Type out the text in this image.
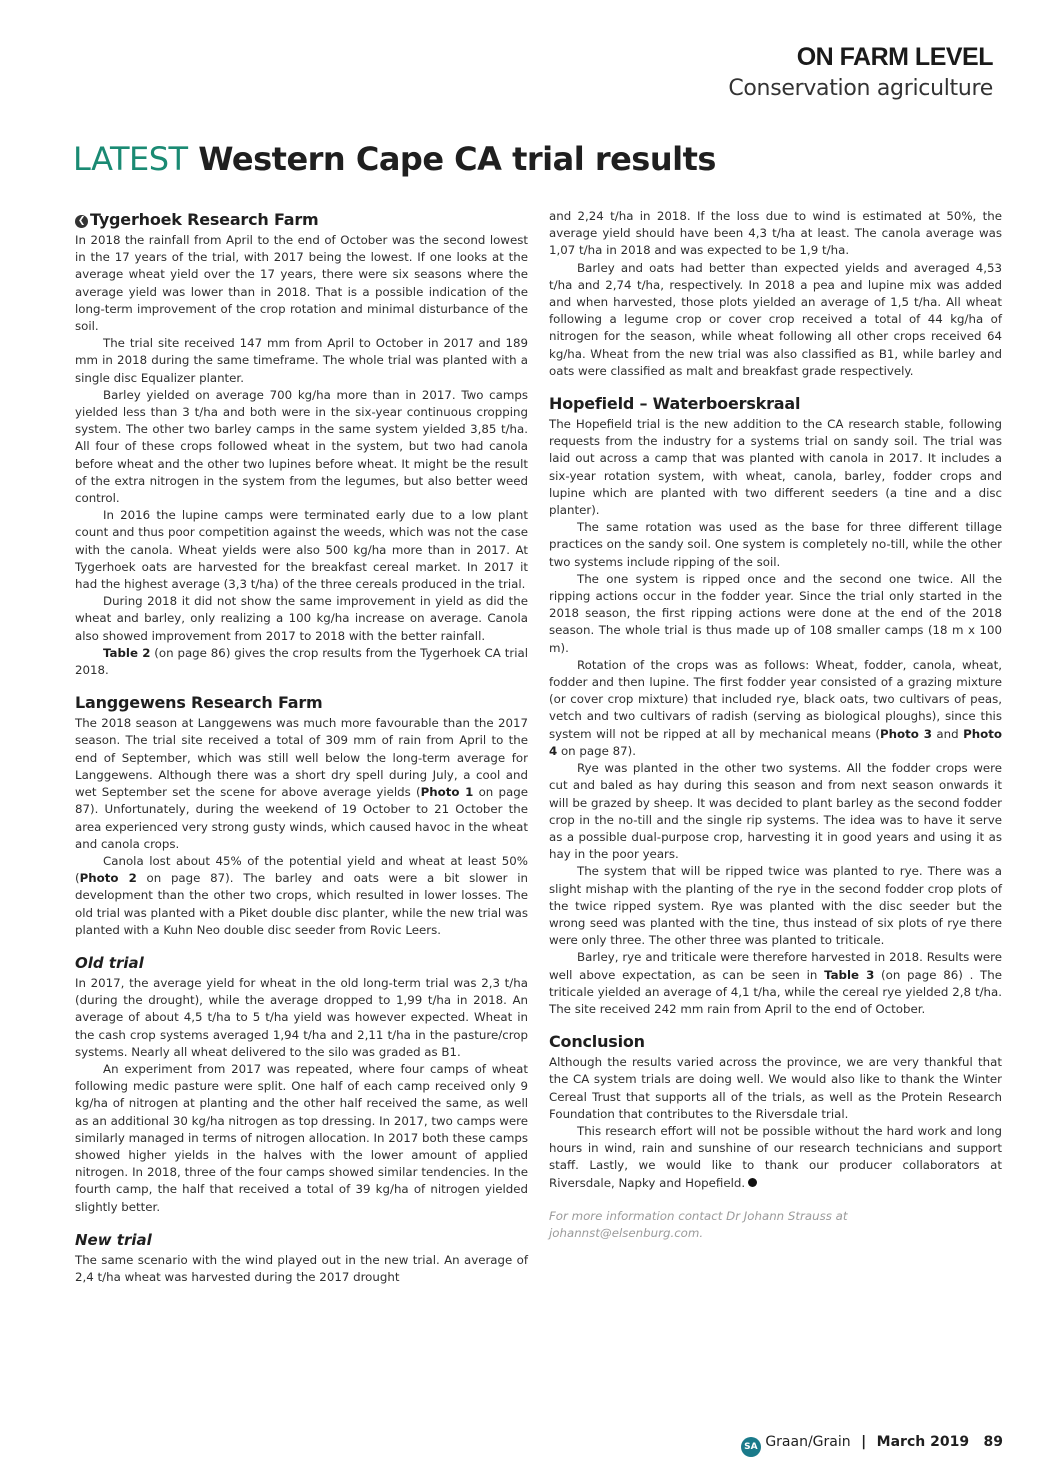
ON FARM LEVEL
Conservation agriculture
LATEST Western Cape CA trial results
❮ Tygerhoek Research Farm

In 2018 the rainfall from April to the end of October was the second lowest in the 17 years of the trial, with 2017 being the lowest. If one looks at the average wheat yield over the 17 years, there were six seasons where the average yield was lower than in 2018. That is a possible indication of the long-term improvement of the crop rotation and minimal disturbance of the soil.

The trial site received 147 mm from April to October in 2017 and 189 mm in 2018 during the same timeframe. The whole trial was planted with a single disc Equalizer planter.

Barley yielded on average 700 kg/ha more than in 2017. Two camps yielded less than 3 t/ha and both were in the six-year continuous cropping system. The other two barley camps in the same system yielded 3,85 t/ha. All four of these crops followed wheat in the system, but two had canola before wheat and the other two lupines before wheat. It might be the result of the extra nitrogen in the system from the legumes, but also better weed control.

In 2016 the lupine camps were terminated early due to a low plant count and thus poor competition against the weeds, which was not the case with the canola. Wheat yields were also 500 kg/ha more than in 2017. At Tygerhoek oats are harvested for the breakfast cereal market. In 2017 it had the highest average (3,3 t/ha) of the three cereals produced in the trial.

During 2018 it did not show the same improvement in yield as did the wheat and barley, only realizing a 100 kg/ha increase on average. Canola also showed improvement from 2017 to 2018 with the better rainfall.

Table 2 (on page 86) gives the crop results from the Tygerhoek CA trial 2018.

Langgewens Research Farm

The 2018 season at Langgewens was much more favourable than the 2017 season. The trial site received a total of 309 mm of rain from April to the end of September, which was still well below the long-term average for Langgewens. Although there was a short dry spell during July, a cool and wet September set the scene for above average yields (Photo 1 on page 87). Unfortunately, during the weekend of 19 October to 21 October the area experienced very strong gusty winds, which caused havoc in the wheat and canola crops.

Canola lost about 45% of the potential yield and wheat at least 50% (Photo 2 on page 87). The barley and oats were a bit slower in development than the other two crops, which resulted in lower losses. The old trial was planted with a Piket double disc planter, while the new trial was planted with a Kuhn Neo double disc seeder from Rovic Leers.

Old trial

In 2017, the average yield for wheat in the old long-term trial was 2,3 t/ha (during the drought), while the average dropped to 1,99 t/ha in 2018. An average of about 4,5 t/ha to 5 t/ha yield was however expected. Wheat in the cash crop systems averaged 1,94 t/ha and 2,11 t/ha in the pasture/crop systems. Nearly all wheat delivered to the silo was graded as B1.

An experiment from 2017 was repeated, where four camps of wheat following medic pasture were split. One half of each camp received only 9 kg/ha of nitrogen at planting and the other half received the same, as well as an additional 30 kg/ha nitrogen as top dressing. In 2017, two camps were similarly managed in terms of nitrogen allocation. In 2017 both these camps showed higher yields in the halves with the lower amount of applied nitrogen. In 2018, three of the four camps showed similar tendencies. In the fourth camp, the half that received a total of 39 kg/ha of nitrogen yielded slightly better.

New trial

The same scenario with the wind played out in the new trial. An average of 2,4 t/ha wheat was harvested during the 2017 drought

and 2,24 t/ha in 2018. If the loss due to wind is estimated at 50%, the average yield should have been 4,3 t/ha at least. The canola average was 1,07 t/ha in 2018 and was expected to be 1,9 t/ha.

Barley and oats had better than expected yields and averaged 4,53 t/ha and 2,74 t/ha, respectively. In 2018 a pea and lupine mix was added and when harvested, those plots yielded an average of 1,5 t/ha. All wheat following a legume crop or cover crop received a total of 44 kg/ha of nitrogen for the season, while wheat following all other crops received 64 kg/ha. Wheat from the new trial was also classified as B1, while barley and oats were classified as malt and breakfast grade respectively.

Hopefield – Waterboerskraal

The Hopefield trial is the new addition to the CA research stable, following requests from the industry for a systems trial on sandy soil. The trial was laid out across a camp that was planted with canola in 2017. It includes a six-year rotation system, with wheat, canola, barley, fodder crops and lupine which are planted with two different seeders (a tine and a disc planter).

The same rotation was used as the base for three different tillage practices on the sandy soil. One system is completely no-till, while the other two systems include ripping of the soil.

The one system is ripped once and the second one twice. All the ripping actions occur in the fodder year. Since the trial only started in the 2018 season, the first ripping actions were done at the end of the 2018 season. The whole trial is thus made up of 108 smaller camps (18 m x 100 m).

Rotation of the crops was as follows: Wheat, fodder, canola, wheat, fodder and then lupine. The first fodder year consisted of a grazing mixture (or cover crop mixture) that included rye, black oats, two cultivars of peas, vetch and two cultivars of radish (serving as biological ploughs), since this system will not be ripped at all by mechanical means (Photo 3 and Photo 4 on page 87).

Rye was planted in the other two systems. All the fodder crops were cut and baled as hay during this season and from next season onwards it will be grazed by sheep. It was decided to plant barley as the second fodder crop in the no-till and the single rip systems. The idea was to have it serve as a possible dual-purpose crop, harvesting it in good years and using it as hay in the poor years.

The system that will be ripped twice was planted to rye. There was a slight mishap with the planting of the rye in the second fodder crop plots of the twice ripped system. Rye was planted with the disc seeder but the wrong seed was planted with the tine, thus instead of six plots of rye there were only three. The other three was planted to triticale.

Barley, rye and triticale were therefore harvested in 2018. Results were well above expectation, as can be seen in Table 3 (on page 86) . The triticale yielded an average of 4,1 t/ha, while the cereal rye yielded 2,8 t/ha. The site received 242 mm rain from April to the end of October.

Conclusion

Although the results varied across the province, we are very thankful that the CA system trials are doing well. We would also like to thank the Winter Cereal Trust that supports all of the trials, as well as the Protein Research Foundation that contributes to the Riversdale trial.

This research effort will not be possible without the hard work and long hours in wind, rain and sunshine of our research technicians and support staff. Lastly, we would like to thank our producer collaborators at Riversdale, Napky and Hopefield.

For more information contact Dr Johann Strauss at johannst@elsenburg.com.

SA Graan/Grain | March 2019 89
